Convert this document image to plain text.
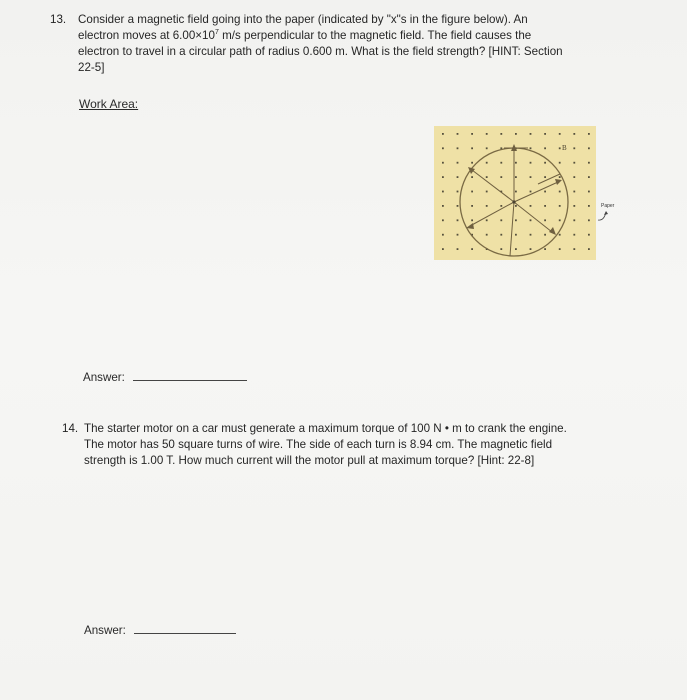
13.	Consider a magnetic field going into the paper (indicated by "x"s in the figure below). An
electron moves at $6.00\times 10^7$ m/s perpendicular to the magnetic field. The field causes the
electron to travel in a circular path of radius 0.600 m. What is the field strength? [HINT: Section
22-5]
Work Area:
B
Paper
Answer:
14. The starter motor on a car must generate a maximum torque of 100 N • m to crank the engine.
The motor has 50 square turns of wire. The side of each turn is 8.94 cm. The magnetic field
strength is 1.00 T. How much current will the motor pull at maximum torque? [Hint: 22-8]
Answer:
